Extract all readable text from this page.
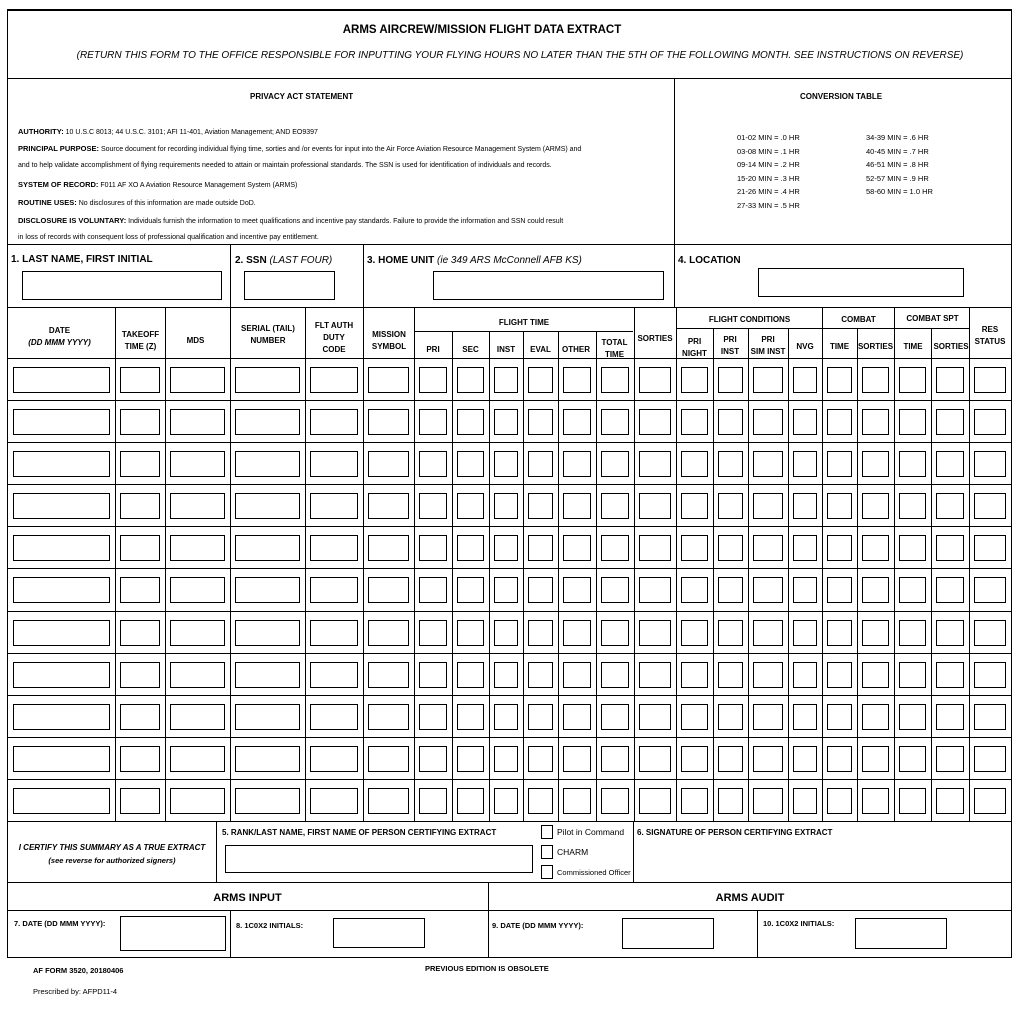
ARMS AIRCREW/MISSION FLIGHT DATA EXTRACT
(RETURN THIS FORM TO THE OFFICE RESPONSIBLE FOR INPUTTING YOUR FLYING HOURS NO LATER THAN THE 5TH OF THE FOLLOWING MONTH. SEE INSTRUCTIONS ON REVERSE)
PRIVACY ACT STATEMENT
AUTHORITY: 10 U.S.C 8013; 44 U.S.C. 3101; AFI 11-401, Aviation Management; AND EO9397
PRINCIPAL PURPOSE: Source document for recording individual flying time, sorties and /or events for input into the Air Force Aviation Resource Management System (ARMS) and
and to help validate accomplishment of flying requirements needed to attain or maintain professional standards. The SSN is used for identification of individuals and records.
SYSTEM OF RECORD: F011 AF XO A Aviation Resource Management System (ARMS)
ROUTINE USES: No disclosures of this information are made outside DoD.
DISCLOSURE IS VOLUNTARY: Individuals furnish the information to meet qualifications and incentive pay standards. Failure to provide the information and SSN could result
in loss of records with consequent loss of professional qualification and incentive pay entitlement.
CONVERSION TABLE
01-02 MIN = .0 HR
03-08 MIN = .1 HR
09-14 MIN = .2 HR
15-20 MIN = .3 HR
21-26 MIN = .4 HR
27-33 MIN = .5 HR
34-39 MIN = .6 HR
40-45 MIN = .7 HR
46-51 MIN = .8 HR
52-57 MIN = .9 HR
58-60 MIN = 1.0 HR
1. LAST NAME, FIRST INITIAL	2. SSN (LAST FOUR)	3. HOME UNIT (ie 349 ARS McConnell AFB KS)	4. LOCATION
DATE
(DD MMM YYYY)
TAKEOFF
TIME (Z)
MDS
SERIAL (TAIL)
NUMBER
FLT AUTH
DUTY
CODE
MISSION
SYMBOL
FLIGHT TIME
PRI	SEC	INST	EVAL	OTHER
TOTAL
TIME
SORTIES
FLIGHT CONDITIONS
PRI
NIGHT
PRI
INST
PRI
SIM INST
NVG
COMBAT
TIME	SORTIES
COMBAT SPT
TIME	SORTIES
RES
STATUS
I CERTIFY THIS SUMMARY AS A TRUE EXTRACT
(see reverse for authorized signers)
5. RANK/LAST NAME, FIRST NAME OF PERSON CERTIFYING EXTRACT	Pilot in Command
CHARM
Commissioned Officer
6. SIGNATURE OF PERSON CERTIFYING EXTRACT
ARMS INPUT	ARMS AUDIT
7. DATE (DD MMM YYYY):	8. 1C0X2 INITIALS:	9. DATE (DD MMM YYYY):	10. 1C0X2 INITIALS:
AF FORM 3520, 20180406
Prescribed by: AFPD11-4
PREVIOUS EDITION IS OBSOLETE
